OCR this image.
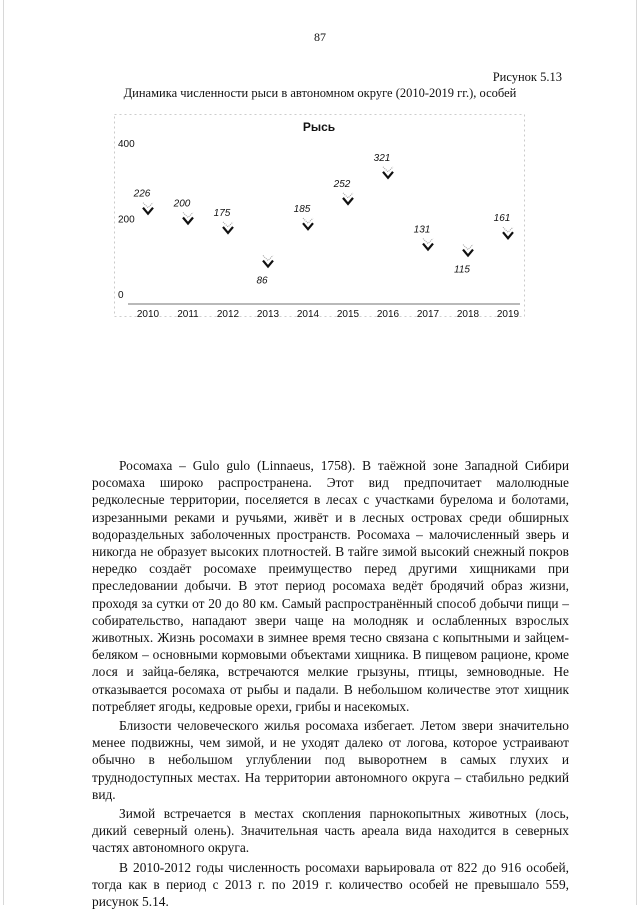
87
Рисунок 5.13
Динамика численности рыси в автономном округе (2010-2019 гг.), особей
Рысь
0
200
400
2010 2011 2012 2013 2014 2015 2016 2017 2018 2019
226
200
175
86
185
252
321
131
115
161

Росомаха – Gulo gulo (Linnaeus, 1758). В таёжной зоне Западной Сибири росомаха широко распространена. Этот вид предпочитает малолюдные редколесные территории, поселяется в лесах с участками бурелома и болотами, изрезанными реками и ручьями, живёт и в лесных островах среди обширных водораздельных заболоченных пространств. Росомаха – малочисленный зверь и никогда не образует высоких плотностей. В тайге зимой высокий снежный покров нередко создаёт росомахе преимущество перед другими хищниками при преследовании добычи. В этот период росомаха ведёт бродячий образ жизни, проходя за сутки от 20 до 80 км. Самый распространённый способ добычи пищи – собирательство, нападают звери чаще на молодняк и ослабленных взрослых животных. Жизнь росомахи в зимнее время тесно связана с копытными и зайцем-беляком – основными кормовыми объектами хищника. В пищевом рационе, кроме лося и зайца-беляка, встречаются мелкие грызуны, птицы, земноводные. Не отказывается росомаха от рыбы и падали. В небольшом количестве этот хищник потребляет ягоды, кедровые орехи, грибы и насекомых.

Близости человеческого жилья росомаха избегает. Летом звери значительно менее подвижны, чем зимой, и не уходят далеко от логова, которое устраивают обычно в небольшом углублении под выворотнем в самых глухих и труднодоступных местах. На территории автономного округа – стабильно редкий вид.

Зимой встречается в местах скопления парнокопытных животных (лось, дикий северный олень). Значительная часть ареала вида находится в северных частях автономного округа.

В 2010-2012 годы численность росомахи варьировала от 822 до 916 особей, тогда как в период с 2013 г. по 2019 г. количество особей не превышало 559, рисунок 5.14.
